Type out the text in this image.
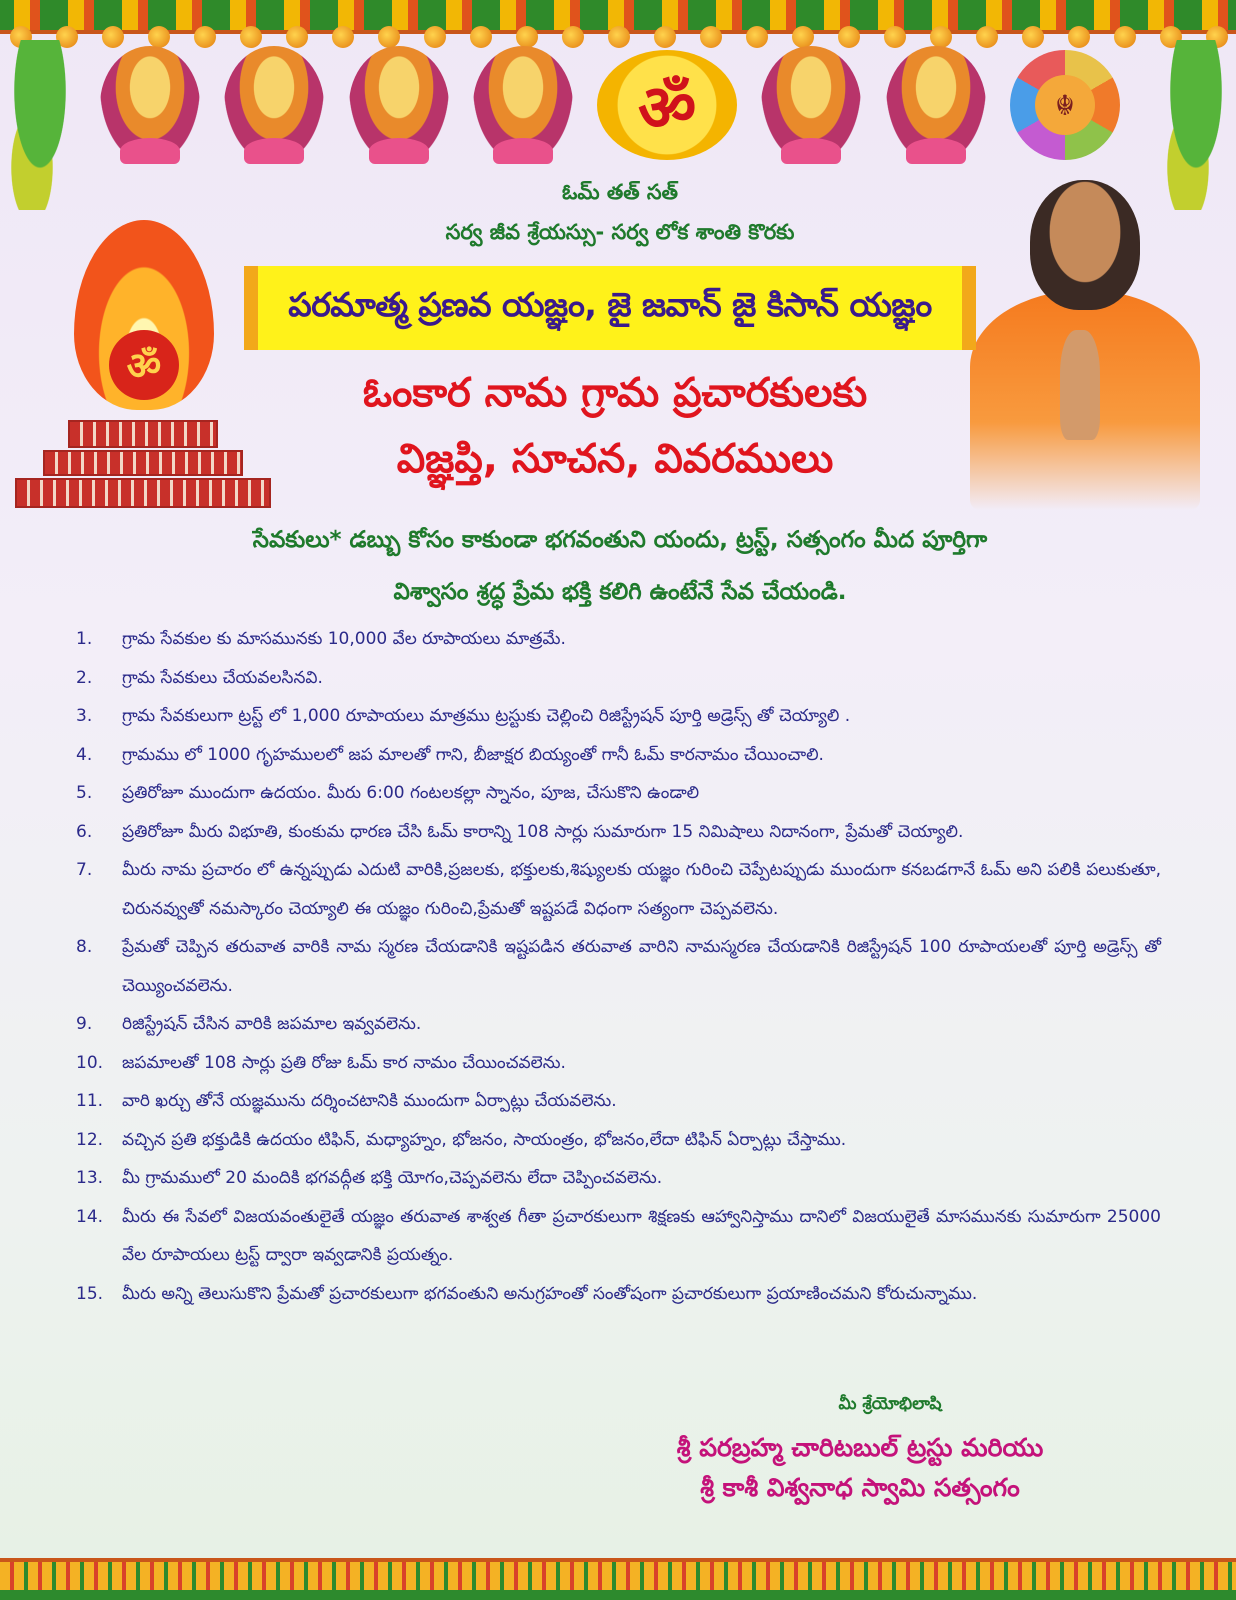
ॐ	☬
ఓమ్ తత్ సత్
సర్వ జీవ శ్రేయస్సు- సర్వ లోక శాంతి కొరకు
ॐ
పరమాత్మ ప్రణవ యజ్ఞం, జై జవాన్ జై కిసాన్ యజ్ఞం
ఓంకార నామ గ్రామ ప్రచారకులకు
విజ్ఞప్తి, సూచన, వివరములు
సేవకులు* డబ్బు కోసం కాకుండా భగవంతుని యందు, ట్రస్ట్, సత్సంగం మీద పూర్తిగా
విశ్వాసం శ్రద్ధ ప్రేమ భక్తి కలిగి ఉంటేనే సేవ చేయండి.
1.	గ్రామ సేవకుల కు మాసమునకు 10,000 వేల రూపాయలు మాత్రమే.
2.	గ్రామ సేవకులు చేయవలసినవి.
3.	గ్రామ సేవకులుగా ట్రస్ట్ లో 1,000 రూపాయలు మాత్రము ట్రస్టుకు చెల్లించి రిజిస్ట్రేషన్ పూర్తి అడ్రెస్స్ తో చెయ్యాలి .
4.	గ్రామము లో 1000 గృహములలో జప మాలతో గాని, బీజాక్షర బియ్యంతో గానీ ఓమ్ కారనామం చేయించాలి.
5.	ప్రతిరోజూ ముందుగా ఉదయం. మీరు 6:00 గంటలకల్లా స్నానం, పూజ, చేసుకొని ఉండాలి
6.	ప్రతిరోజూ మీరు విభూతి, కుంకుమ ధారణ చేసి ఓమ్ కారాన్ని 108 సార్లు సుమారుగా 15 నిమిషాలు నిదానంగా, ప్రేమతో చెయ్యాలి.
7.	మీరు నామ ప్రచారం లో ఉన్నప్పుడు ఎదుటి వారికి,ప్రజలకు, భక్తులకు,శిష్యులకు యజ్ఞం గురించి చెప్పేటప్పుడు ముందుగా కనబడగానే ఓమ్ అని పలికి పలుకుతూ, చిరునవ్వుతో నమస్కారం చెయ్యాలి ఈ యజ్ఞం గురించి,ప్రేమతో ఇష్టపడే విధంగా సత్యంగా చెప్పవలెను.
8.	ప్రేమతో చెప్పిన తరువాత వారికి నామ స్మరణ చేయడానికి ఇష్టపడిన తరువాత వారిని నామస్మరణ చేయడానికి రిజిస్ట్రేషన్ 100 రూపాయలతో పూర్తి అడ్రెస్స్ తో చెయ్యించవలెను.
9.	రిజిస్ట్రేషన్ చేసిన వారికి జపమాల ఇవ్వవలెను.
10.	జపమాలతో 108 సార్లు ప్రతి రోజు ఓమ్ కార నామం చేయించవలెను.
11.	వారి ఖర్చు తోనే యజ్ఞమును దర్శించటానికి ముందుగా ఏర్పాట్లు చేయవలెను.
12.	వచ్చిన ప్రతి భక్తుడికి ఉదయం టిఫిన్, మధ్యాహ్నం, భోజనం, సాయంత్రం, భోజనం,లేదా టిఫిన్ ఏర్పాట్లు చేస్తాము.
13.	మీ గ్రామములో 20 మందికి భగవద్గీత భక్తి యోగం,చెప్పవలెను లేదా చెప్పించవలెను.
14.	మీరు ఈ సేవలో విజయవంతులైతే యజ్ఞం తరువాత శాశ్వత గీతా ప్రచారకులుగా శిక్షణకు ఆహ్వానిస్తాము దానిలో విజయులైతే మాసమునకు సుమారుగా 25000 వేల రూపాయలు ట్రస్ట్ ద్వారా ఇవ్వడానికి ప్రయత్నం.
15.	మీరు అన్ని తెలుసుకొని ప్రేమతో ప్రచారకులుగా భగవంతుని అనుగ్రహంతో సంతోషంగా ప్రచారకులుగా ప్రయాణించమని కోరుచున్నాము.
మీ శ్రేయోభిలాషి
శ్రీ పరబ్రహ్మ చారిటబుల్ ట్రస్టు మరియు
శ్రీ కాశీ విశ్వనాధ స్వామి సత్సంగం
